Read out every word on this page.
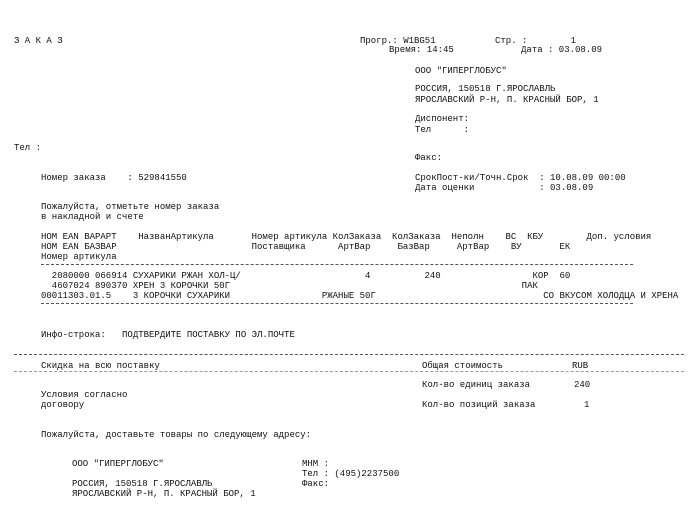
З А К А З	Прогр.: W1BG51	Стр. :        1
Время: 14:45	Дата : 03.08.09
ООО "ГИПЕРГЛОБУС"
РОССИЯ, 150518 Г.ЯРОСЛАВЛЬ
ЯРОСЛАВСКИЙ Р-Н, П. КРАСНЫЙ БОР, 1
Диспонент:
Тел      :
Тел :
Факс:
Номер заказа    : 529841550	СрокПост-ки/Точн.Срок  : 10.08.09 00:00
Дата оценки            : 03.08.09
Пожалуйста, отметьте номер заказа
в накладной и счете
НОМ EAN ВАРАРТ    НазванАртикула       Номер артикула КолЗаказа  КолЗаказа  Неполн    ВС  КБУ        Доп. условия
НОМ EAN БАЗВАР                         Поставщика      АртВар     БазВар     АртВар    ВУ       ЕК
Номер артикула
2080000 066914 СУХАРИКИ РЖАН ХОЛ-Ц/                       4          240                 КОР  60
4607024 890370 ХРЕН 3 КОРОЧКИ 50Г                                                      ПАК
00011303.01.5    3 КОРОЧКИ СУХАРИКИ                 РЖАНЫЕ 50Г                               СО ВКУСОМ ХОЛОДЦА И ХРЕНА
Инфо-строка:   ПОДТВЕРДИТЕ ПОСТАВКУ ПО ЭЛ.ПОЧТЕ
Скидка на всю поставку	Общая стоимость	RUB
Кол-во единиц заказа	240
Условия согласно
договору	Кол-во позиций заказа	1
Пожалуйста, доставьте товары по следующему адресу:
ООО "ГИПЕРГЛОБУС"	МНМ :
Тел : (495)2237500
Факс:
РОССИЯ, 150518 Г.ЯРОСЛАВЛЬ
ЯРОСЛАВСКИЙ Р-Н, П. КРАСНЫЙ БОР, 1
